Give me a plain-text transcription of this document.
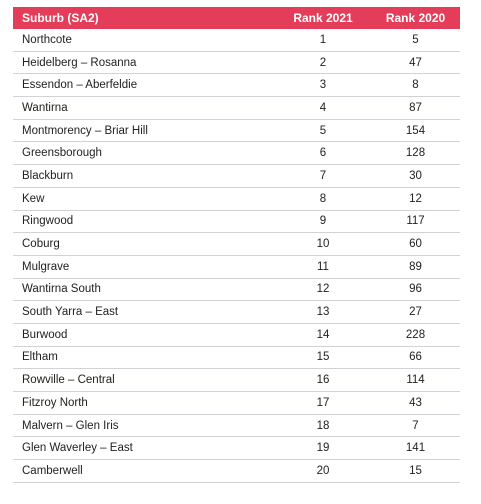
Suburb (SA2)	Rank 2021	Rank 2020
Northcote	1	5
Heidelberg – Rosanna	2	47
Essendon – Aberfeldie	3	8
Wantirna	4	87
Montmorency – Briar Hill	5	154
Greensborough	6	128
Blackburn	7	30
Kew	8	12
Ringwood	9	117
Coburg	10	60
Mulgrave	11	89
Wantirna South	12	96
South Yarra – East	13	27
Burwood	14	228
Eltham	15	66
Rowville – Central	16	114
Fitzroy North	17	43
Malvern – Glen Iris	18	7
Glen Waverley – East	19	141
Camberwell	20	15
